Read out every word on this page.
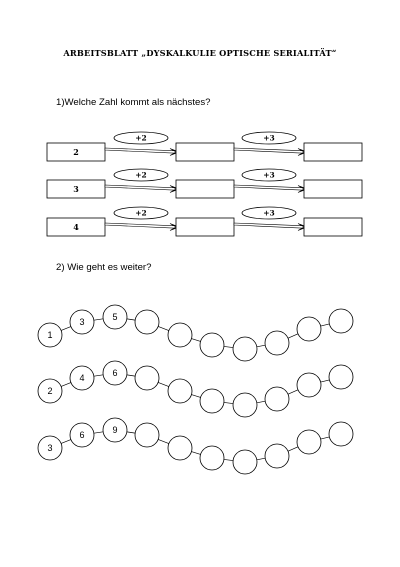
ARBEITSBLATT „DYSKALKULIE OPTISCHE SERIALITÄT“
1)Welche Zahl kommt als nächstes?
2) Wie geht es weiter?
2
+2	+3
3
+2	+3
4
+2	+3
1
3	5
2
4	6
3
6	9
